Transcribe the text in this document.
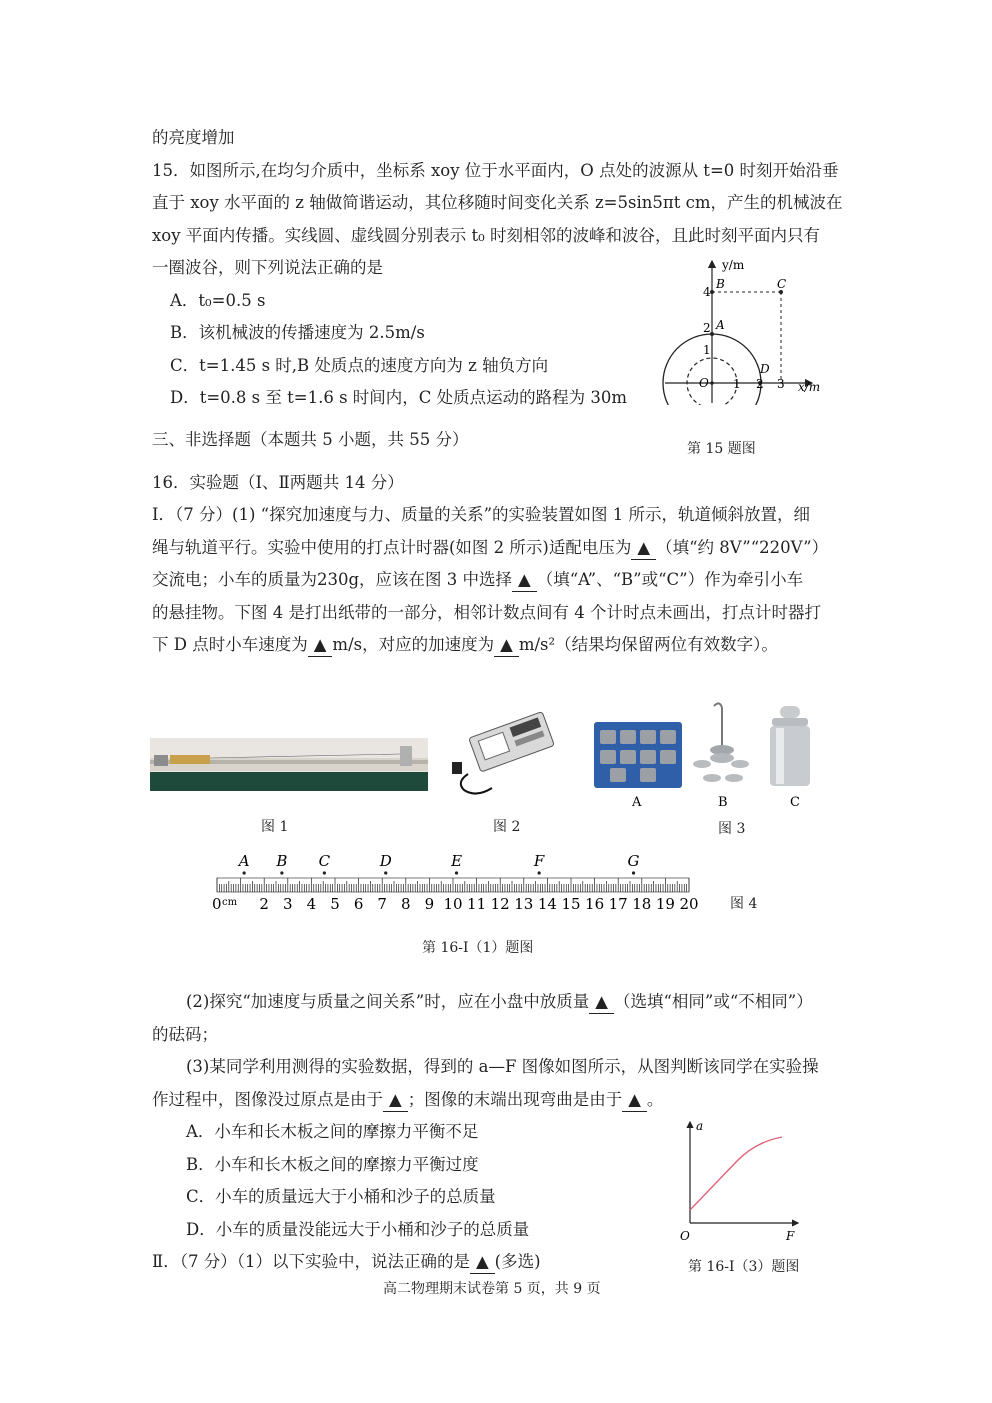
的亮度增加
15．如图所示,在均匀介质中，坐标系 xoy 位于水平面内，O 点处的波源从 t=0 时刻开始沿垂
直于 xoy 水平面的 z 轴做简谐运动，其位移随时间变化关系 z=5sin5πt cm，产生的机械波在
xoy 平面内传播。实线圆、虚线圆分别表示 t₀ 时刻相邻的波峰和波谷，且此时刻平面内只有
一圈波谷，则下列说法正确的是
A．t₀=0.5 s
B．该机械波的传播速度为 2.5m/s
C．t=1.45 s 时,B 处质点的速度方向为 z 轴负方向
D．t=0.8 s 至 t=1.6 s 时间内，C 处质点运动的路程为 30m
三、非选择题（本题共 5 小题，共 55 分）
16．实验题（Ⅰ、Ⅱ两题共 14 分）
Ⅰ．（7 分）(1) “探究加速度与力、质量的关系”的实验装置如图 1 所示，轨道倾斜放置，细
绳与轨道平行。实验中使用的打点计时器(如图 2 所示)适配电压为 ▲ （填“约 8V”“220V”）
交流电；小车的质量为230g，应该在图 3 中选择 ▲ （填“A”、“B”或“C”）作为牵引小车
的悬挂物。下图 4 是打出纸带的一部分，相邻计数点间有 4 个计时点未画出，打点计时器打
下 D 点时小车速度为 ▲ m/s，对应的加速度为 ▲ m/s²（结果均保留两位有效数字）。
(2)探究“加速度与质量之间关系”时，应在小盘中放质量 ▲ （选填“相同”或“不相同”）
的砝码；
(3)某同学利用测得的实验数据，得到的 a—F 图像如图所示，从图判断该同学在实验操
作过程中，图像没过原点是由于 ▲ ；图像的末端出现弯曲是由于 ▲ 。
A．小车和长木板之间的摩擦力平衡不足
B．小车和长木板之间的摩擦力平衡过度
C．小车的质量远大于小桶和沙子的总质量
D．小车的质量没能远大于小桶和沙子的总质量
Ⅱ．（7 分）（1）以下实验中，说法正确的是 ▲ (多选)
高二物理期末试卷第 5 页，共 9 页
y/m
x/m
B	C
A
D
O
4
2
1
1 2 3
第 15 题图
图 1	图 2
A	B	C
图 3
0 cm 2 3 4 5 6 7 8 9 10 11 12 13 14 15 16 17 18 19 20
A B C	D	E	F	G
图 4
第 16-I（1）题图
a
O	F
第 16-I（3）题图
